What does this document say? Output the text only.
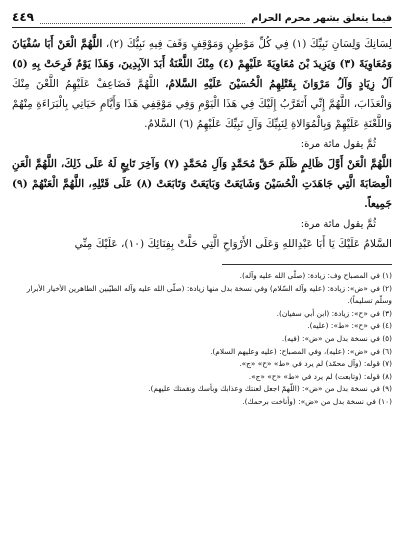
فيما يتعلق بشهر محرم الحرام
٤٤٩

لِسَانِكَ وَلِسَانِ نَبِيِّكَ (١) فِي كُلِّ مَوْطِنٍ وَمَوْقِفٍ وَقَفَ فِيهِ نَبِيُّكَ (٢)، اللَّهُمَّ الْعَنْ أَبَا سُفْيَانَ وَمُعَاوِيَةَ (٣) وَيَزِيدَ بْنَ مُعَاوِيَةَ عَلَيْهِمْ (٤) مِنْكَ اللَّعْنَةُ أَبَدَ الآبِدِينَ، وَهَذَا يَوْمٌ فَرِحَتْ بِهِ (٥) آلُ زِيَادٍ وَآلُ مَرْوَانَ بِقَتْلِهِمُ الْحُسَيْنَ عَلَيْهِ السَّلامُ، اللَّهُمَّ فَضَاعِفْ عَلَيْهِمُ اللَّعْنَ مِنْكَ وَالْعَذَابَ، اللَّهُمَّ إِنِّي أَتَقَرَّبُ إِلَيْكَ فِي هَذَا الْيَوْمِ وَفِي مَوْقِفِي هَذَا وَأَيَّامِ حَيَاتِي بِالْبَرَاءَةِ مِنْهُمْ وَاللَّعْنَةِ عَلَيْهِمْ وَبِالْمُوَالاةِ لِنَبِيِّكَ وَآلِ نَبِيِّكَ عَلَيْهِمُ (٦) السَّلامُ.

ثُمَّ يقول مائة مرة:

اللَّهُمَّ الْعَنْ أَوَّلَ ظَالِمٍ ظَلَمَ حَقَّ مُحَمَّدٍ وَآلِ مُحَمَّدٍ (٧) وَآخِرَ تَابِعٍ لَهُ عَلَى ذَلِكَ، اللَّهُمَّ الْعَنِ الْعِصَابَةَ الَّتِي جَاهَدَتِ الْحُسَيْنَ وَشَايَعَتْ وَبَايَعَتْ وَتَابَعَتْ (٨) عَلَى قَتْلِهِ، اللَّهُمَّ الْعَنْهُمْ (٩) جَمِيعاً.

ثُمَّ يقول مائة مرة:

السَّلامُ عَلَيْكَ يَا أَبَا عَبْدِاللهِ وَعَلَى الأَرْوَاحِ الَّتِي حَلَّتْ بِفِنَائِكَ (١٠)، عَلَيْكَ مِنِّي

(١) في المصباح وف: زيادة: (صلّى الله عليه وآله).

(٢) في «ض»: زيادة: (عليه وآله السّلام) وفي نسخة بدل منها زيادة: (صلّى الله عليه وآله الطيّبين الطاهرين الأخيار الأبرار وسلّم تسليماً).

(٣) في «ح»: زيادة: (ابن أبي سفيان).

(٤) في «ح»: «ط»: (عليه).

(٥) في نسخة بدل من «ض»: (فيه).

(٦) في «ض»: (عليه)، وفي المصباح: (عليه وعليهم السلام).

(٧) قوله: (وآل محمّد) لم يرد في «ط» «ح» «ج».

(٨) قوله: (وتابعت) لم يرد في «ط» «ح» «ج».

(٩) في نسخة بدل من «ض»: (اللّهمّ اجعل لعنتك وعذابك وبأسك ونقمتك عليهم).

(١٠) في نسخة بدل من «ض»: (وأناخت برحمك).
